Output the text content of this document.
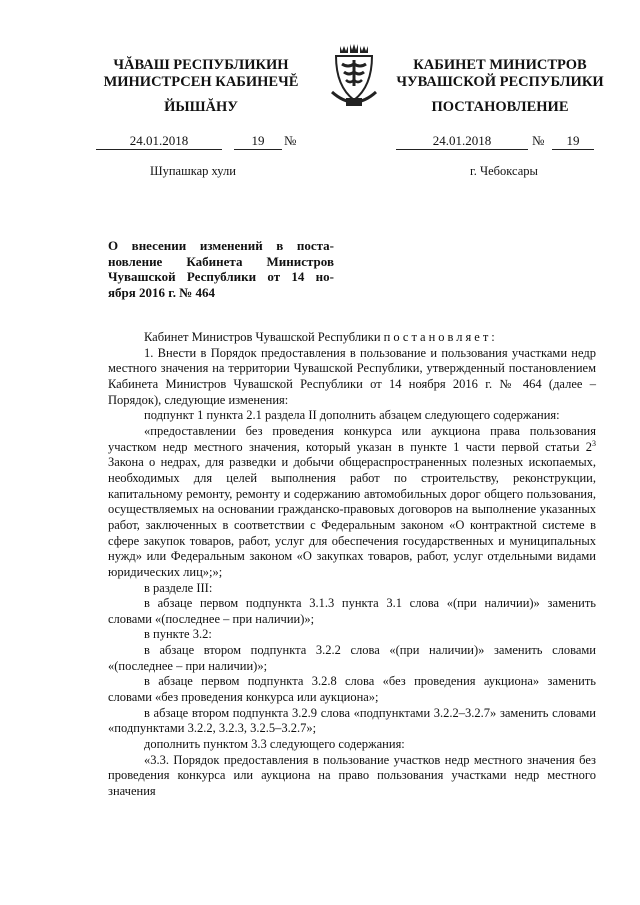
ЧĂВАШ РЕСПУБЛИКИН
МИНИСТРСЕН КАБИНЕЧĔ
ЙЫШĂНУ
КАБИНЕТ МИНИСТРОВ
ЧУВАШСКОЙ РЕСПУБЛИКИ
ПОСТАНОВЛЕНИЕ
24.01.2018	19	№	24.01.2018	№	19
Шупашкар хули	г. Чебоксары
О внесении изменений в поста-
новление Кабинета Министров
Чувашской Республики от 14 но-
ября 2016 г. № 464

Кабинет Министров Чувашской Республики постановляет:

1. Внести в Порядок предоставления в пользование и пользования участками недр местного значения на территории Чувашской Республики, утвержденный постановлением Кабинета Министров Чувашской Республики от 14 ноября 2016 г. № 464 (далее – Порядок), следующие изменения:

подпункт 1 пункта 2.1 раздела II дополнить абзацем следующего содержания:

«предоставлении без проведения конкурса или аукциона права пользования участком недр местного значения, который указан в пункте 1 части первой статьи $2^3$ Закона о недрах, для разведки и добычи общераспространенных полезных ископаемых, необходимых для целей выполнения работ по строительству, реконструкции, капитальному ремонту, ремонту и содержанию автомобильных дорог общего пользования, осуществляемых на основании гражданско-правовых договоров на выполнение указанных работ, заключенных в соответствии с Федеральным законом «О контрактной системе в сфере закупок товаров, работ, услуг для обеспечения государственных и муниципальных нужд» или Федеральным законом «О закупках товаров, работ, услуг отдельными видами юридических лиц»;»;

в разделе III:

в абзаце первом подпункта 3.1.3 пункта 3.1 слова «(при наличии)» заменить словами «(последнее – при наличии)»;

в пункте 3.2:

в абзаце втором подпункта 3.2.2 слова «(при наличии)» заменить словами «(последнее – при наличии)»;

в абзаце первом подпункта 3.2.8 слова «без проведения аукциона» заменить словами «без проведения конкурса или аукциона»;

в абзаце втором подпункта 3.2.9 слова «подпунктами 3.2.2–3.2.7» заменить словами «подпунктами 3.2.2, 3.2.3, 3.2.5–3.2.7»;

дополнить пунктом 3.3 следующего содержания:

«3.3. Порядок предоставления в пользование участков недр местного значения без проведения конкурса или аукциона на право пользования участками недр местного значения
